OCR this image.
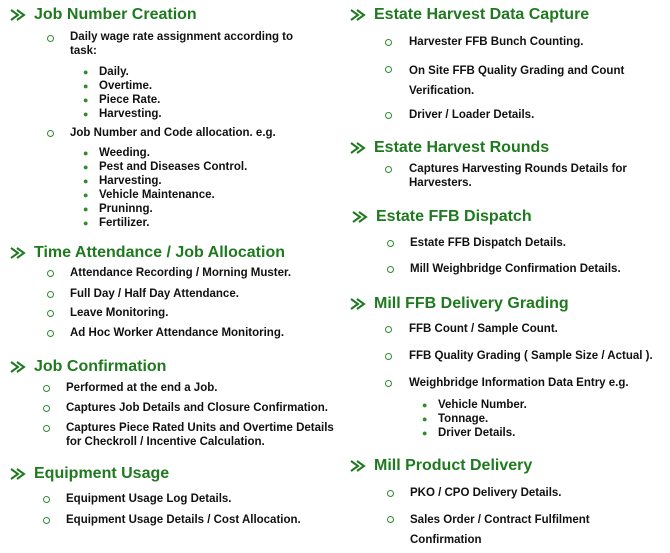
Job Number Creation
Daily wage rate assignment according to task:
● Daily.
● Overtime.
● Piece Rate.
● Harvesting.
Job Number and Code allocation. e.g.
● Weeding.
● Pest and Diseases Control.
● Harvesting.
● Vehicle Maintenance.
● Pruninng.
● Fertilizer.
Time Attendance / Job Allocation
Attendance Recording / Morning Muster.
Full Day / Half Day Attendance.
Leave Monitoring.
Ad Hoc Worker Attendance Monitoring.
Job Confirmation
Performed at the end a Job.
Captures Job Details and Closure Confirmation.
Captures Piece Rated Units and Overtime Details for Checkroll / Incentive Calculation.
Equipment Usage
Equipment Usage Log Details.
Equipment Usage Details / Cost Allocation.
Estate Harvest Data Capture
Harvester FFB Bunch Counting.
On Site FFB Quality Grading and Count Verification.
Driver / Loader Details.
Estate Harvest Rounds
Captures Harvesting Rounds Details for Harvesters.
Estate FFB Dispatch
Estate FFB Dispatch Details.
Mill Weighbridge Confirmation Details.
Mill FFB Delivery Grading
FFB Count / Sample Count.
FFB Quality Grading ( Sample Size / Actual ).
Weighbridge Information Data Entry e.g.
● Vehicle Number.
● Tonnage.
● Driver Details.
Mill Product Delivery
PKO / CPO Delivery Details.
Sales Order / Contract Fulfilment Confirmation
